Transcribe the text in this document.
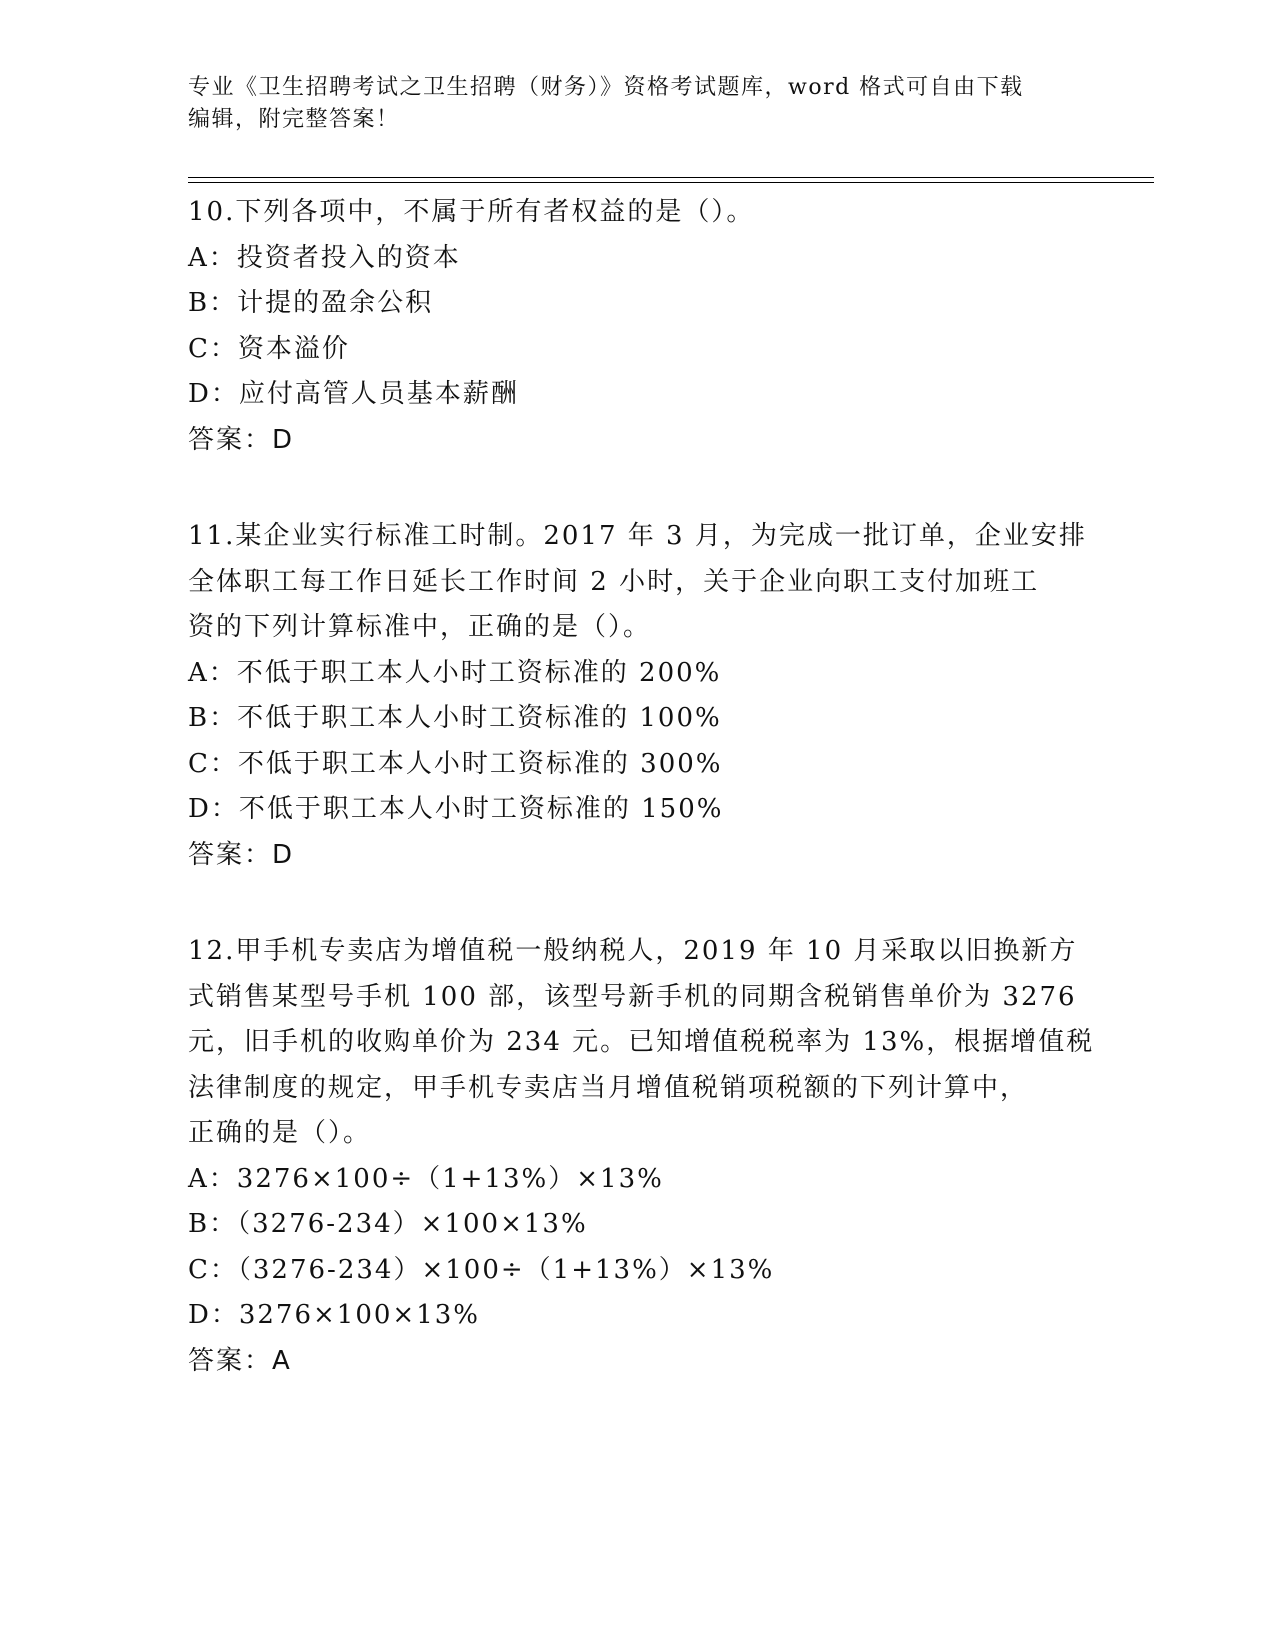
专业《卫生招聘考试之卫生招聘（财务）》资格考试题库，word 格式可自由下载
编辑，附完整答案！
10.下列各项中，不属于所有者权益的是（）。
A：投资者投入的资本
B：计提的盈余公积
C：资本溢价
D：应付高管人员基本薪酬
答案：D
11.某企业实行标准工时制。2017 年 3 月，为完成一批订单，企业安排
全体职工每工作日延长工作时间 2 小时，关于企业向职工支付加班工
资的下列计算标准中，正确的是（）。
A：不低于职工本人小时工资标准的 200%
B：不低于职工本人小时工资标准的 100%
C：不低于职工本人小时工资标准的 300%
D：不低于职工本人小时工资标准的 150%
答案：D
12.甲手机专卖店为增值税一般纳税人，2019 年 10 月采取以旧换新方
式销售某型号手机 100 部，该型号新手机的同期含税销售单价为 3276
元，旧手机的收购单价为 234 元。已知增值税税率为 13%，根据增值税
法律制度的规定，甲手机专卖店当月增值税销项税额的下列计算中，
正确的是（）。
A：3276×100÷（1+13%）×13%
B：（3276-234）×100×13%
C：（3276-234）×100÷（1+13%）×13%
D：3276×100×13%
答案：A
